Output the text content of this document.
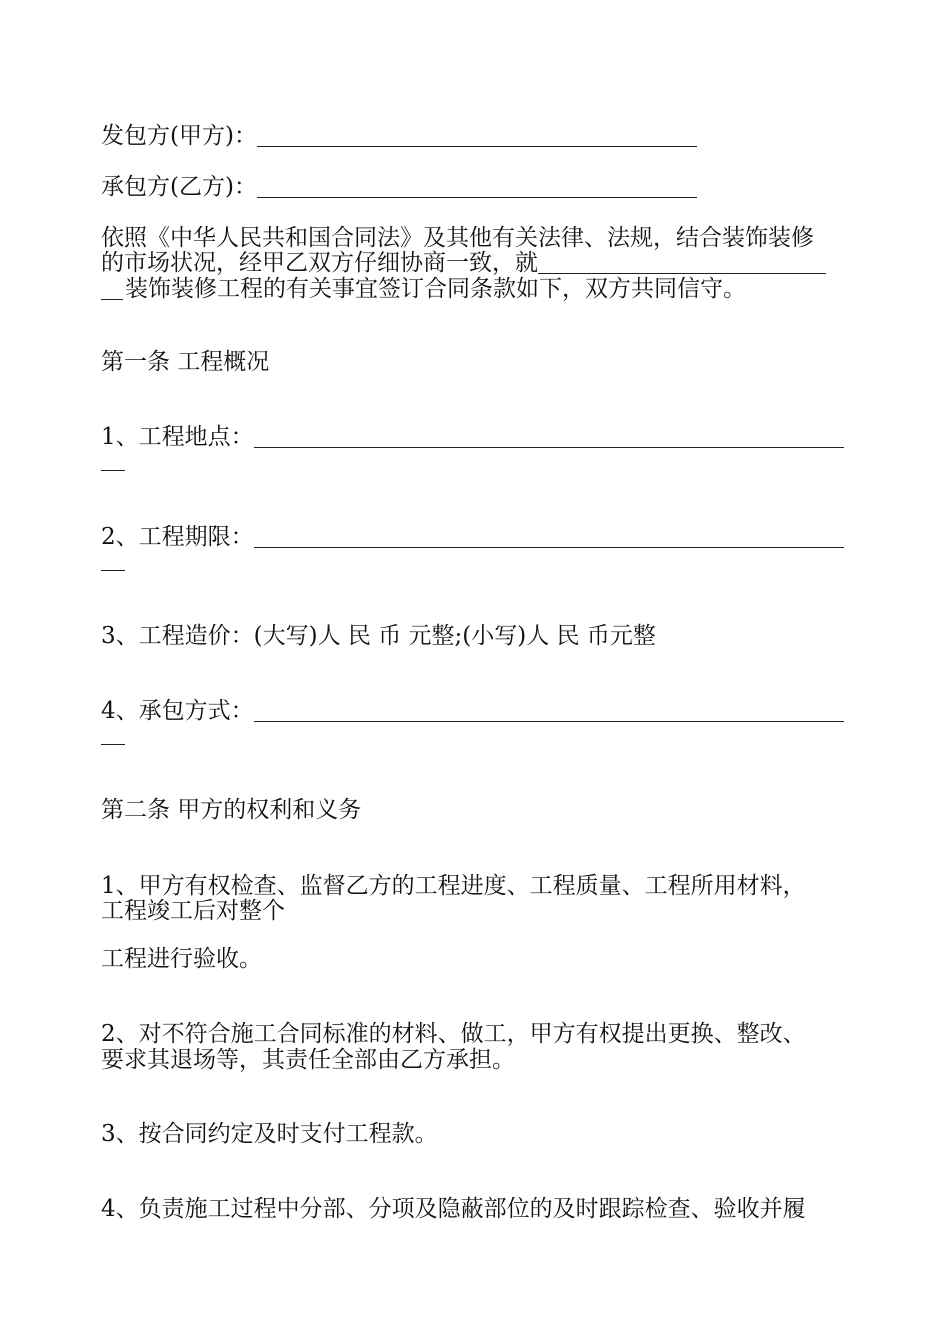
发包方(甲方)：
承包方(乙方)：
依照《中华人民共和国合同法》及其他有关法律、法规，结合装饰装修
的市场状况，经甲乙双方仔细协商一致，就
装饰装修工程的有关事宜签订合同条款如下，双方共同信守。
第一条 工程概况
1、工程地点：
2、工程期限：
3、工程造价：(大写)人 民 币 元整;(小写)人 民 币元整
4、承包方式：
第二条 甲方的权利和义务
1、甲方有权检查、监督乙方的工程进度、工程质量、工程所用材料，
工程竣工后对整个
工程进行验收。
2、对不符合施工合同标准的材料、做工，甲方有权提出更换、整改、
要求其退场等，其责任全部由乙方承担。
3、按合同约定及时支付工程款。
4、负责施工过程中分部、分项及隐蔽部位的及时跟踪检查、验收并履
